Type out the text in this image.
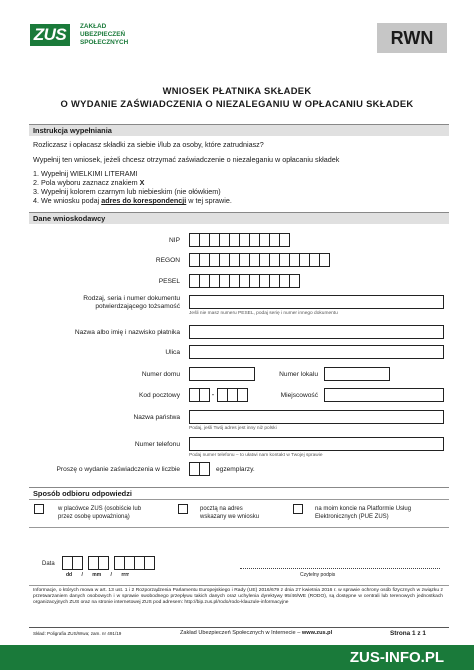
ZUS	ZAKŁAD
UBEZPIECZEŃ
SPOŁECZNYCH	RWN
WNIOSEK PŁATNIKA SKŁADEK
O WYDANIE ZAŚWIADCZENIA O NIEZALEGANIU W OPŁACANIU SKŁADEK
Instrukcja wypełniania
Rozliczasz i opłacasz składki za siebie i/lub za osoby, które zatrudniasz?
Wypełnij ten wniosek, jeżeli chcesz otrzymać zaświadczenie o niezaleganiu w opłacaniu składek
1. Wypełnij WIELKIMI LITERAMI
2. Pola wyboru zaznacz znakiem X
3. Wypełnij kolorem czarnym lub niebieskim (nie ołówkiem)
4. We wniosku podaj adres do korespondencji w tej sprawie.
Dane wnioskodawcy
NIP
REGON
PESEL
Rodzaj, seria i numer dokumentu
potwierdzającego tożsamość
Jeśli nie masz numeru PESEL, podaj serię i numer innego dokumentu
Nazwa albo imię i nazwisko płatnika
Ulica
Numer domu	Numer lokalu
Kod pocztowy	-	Miejscowość
Nazwa państwa
Podaj, jeśli Twój adres jest inny niż polski
Numer telefonu
Podaj numer telefonu – to ułatwi nam kontakt w Twojej sprawie
Proszę o wydanie zaświadczenia w liczbie	egzemplarzy.
Sposób odbioru odpowiedzi
w placówce ZUS (osobiście lub
przez osobę upoważnioną)
pocztą na adres
wskazany we wniosku
na moim koncie na Platformie Usług
Elektronicznych (PUE ZUS)
Data
dd / mm / rrrr	Czytelny podpis
Informacje, o których mowa w art. 13 ust. 1 i 2 Rozporządzenia Parlamentu Europejskiego i Rady (UE) 2016/679 z dnia 27 kwietnia 2016 r. w sprawie ochrony osób fizycznych w związku z przetwarzaniem danych osobowych i w sprawie swobodnego przepływu takich danych oraz uchylenia dyrektywy 95/46/WE (RODO), są dostępne w centrali lub terenowych jednostkach organizacyjnych ZUS oraz na stronie internetowej ZUS pod adresem: http://bip.zus.pl/rodo/rodo-klauzule-informacyjne
Skład: Poligrafia ZUS/Wwa; zam. nr 491/19	Zakład Ubezpieczeń Społecznych w Internecie – www.zus.pl	Strona 1 z 1
ZUS-INFO.PL
